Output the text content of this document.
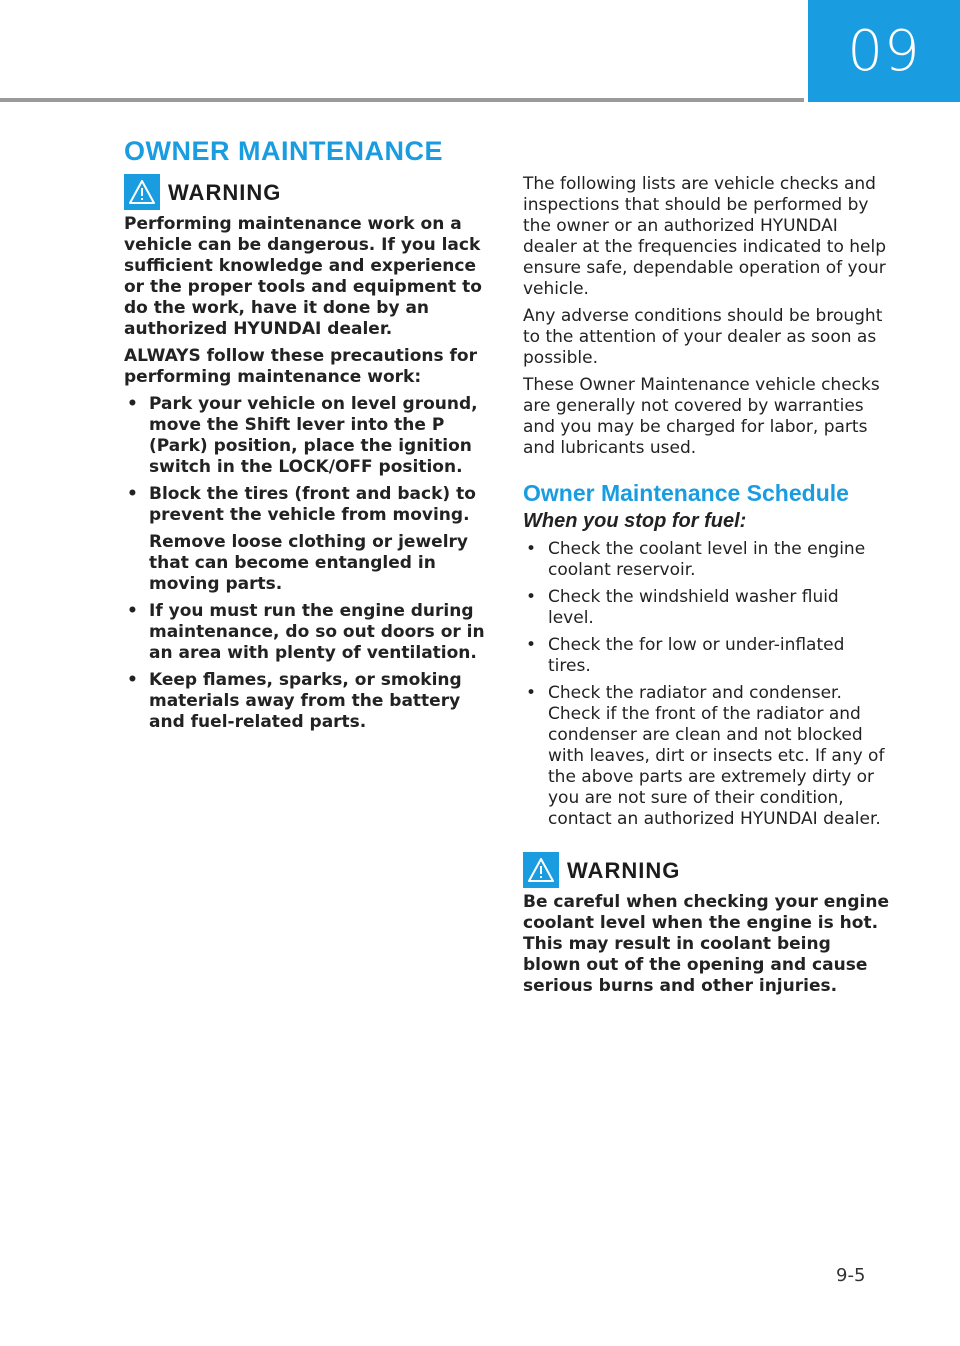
09
OWNER MAINTENANCE
WARNING

Performing maintenance work on a vehicle can be dangerous. If you lack sufficient knowledge and experience or the proper tools and equipment to do the work, have it done by an authorized HYUNDAI dealer.

ALWAYS follow these precautions for performing maintenance work:

• Park your vehicle on level ground, move the Shift lever into the P (Park) position, place the ignition switch in the LOCK/OFF position.
• Block the tires (front and back) to prevent the vehicle from moving.
Remove loose clothing or jewelry that can become entangled in moving parts.
• If you must run the engine during maintenance, do so out doors or in an area with plenty of ventilation.
• Keep flames, sparks, or smoking materials away from the battery and fuel-related parts.

The following lists are vehicle checks and inspections that should be performed by the owner or an authorized HYUNDAI dealer at the frequencies indicated to help ensure safe, dependable operation of your vehicle.

Any adverse conditions should be brought to the attention of your dealer as soon as possible.

These Owner Maintenance vehicle checks are generally not covered by warranties and you may be charged for labor, parts and lubricants used.

Owner Maintenance Schedule
When you stop for fuel:
• Check the coolant level in the engine coolant reservoir.
• Check the windshield washer fluid level.
• Check the for low or under-inflated tires.
• Check the radiator and condenser. Check if the front of the radiator and condenser are clean and not blocked with leaves, dirt or insects etc. If any of the above parts are extremely dirty or you are not sure of their condition, contact an authorized HYUNDAI dealer.
WARNING

Be careful when checking your engine coolant level when the engine is hot. This may result in coolant being blown out of the opening and cause serious burns and other injuries.

9-5
